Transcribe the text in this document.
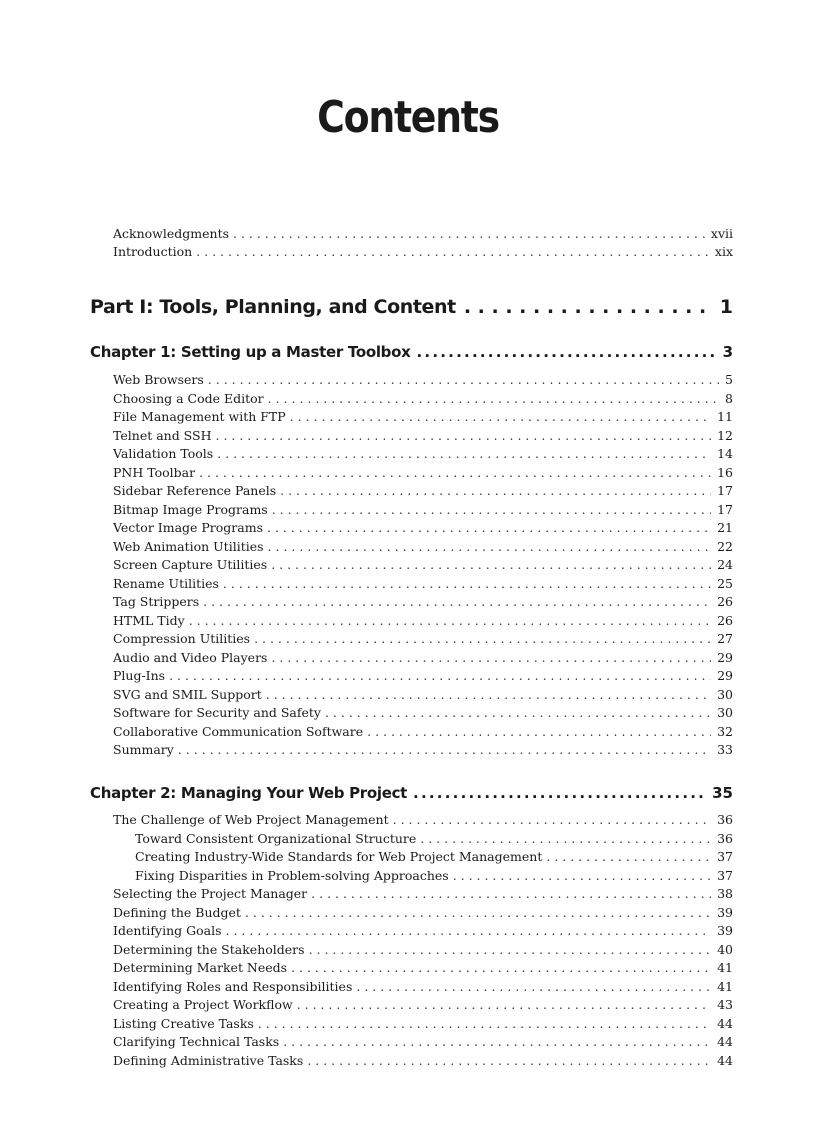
Contents
Acknowledgments . . .	xvii
Introduction . . .	xix
Part I: Tools, Planning, and Content . . .	1
Chapter 1: Setting up a Master Toolbox . . .	3
Web Browsers . . .	5
Choosing a Code Editor . . .	8
File Management with FTP . . .	11
Telnet and SSH . . .	12
Validation Tools . . .	14
PNH Toolbar . . .	16
Sidebar Reference Panels . . .	17
Bitmap Image Programs . . .	17
Vector Image Programs . . .	21
Web Animation Utilities . . .	22
Screen Capture Utilities . . .	24
Rename Utilities . . .	25
Tag Strippers . . .	26
HTML Tidy . . .	26
Compression Utilities . . .	27
Audio and Video Players . . .	29
Plug-Ins . . .	29
SVG and SMIL Support . . .	30
Software for Security and Safety . . .	30
Collaborative Communication Software . . .	32
Summary . . .	33
Chapter 2: Managing Your Web Project . . .	35
The Challenge of Web Project Management . . .	36
Toward Consistent Organizational Structure . . .	36
Creating Industry-Wide Standards for Web Project Management . . .	37
Fixing Disparities in Problem-solving Approaches . . .	37
Selecting the Project Manager . . .	38
Defining the Budget . . .	39
Identifying Goals . . .	39
Determining the Stakeholders . . .	40
Determining Market Needs . . .	41
Identifying Roles and Responsibilities . . .	41
Creating a Project Workflow . . .	43
Listing Creative Tasks . . .	44
Clarifying Technical Tasks . . .	44
Defining Administrative Tasks . . .	44
